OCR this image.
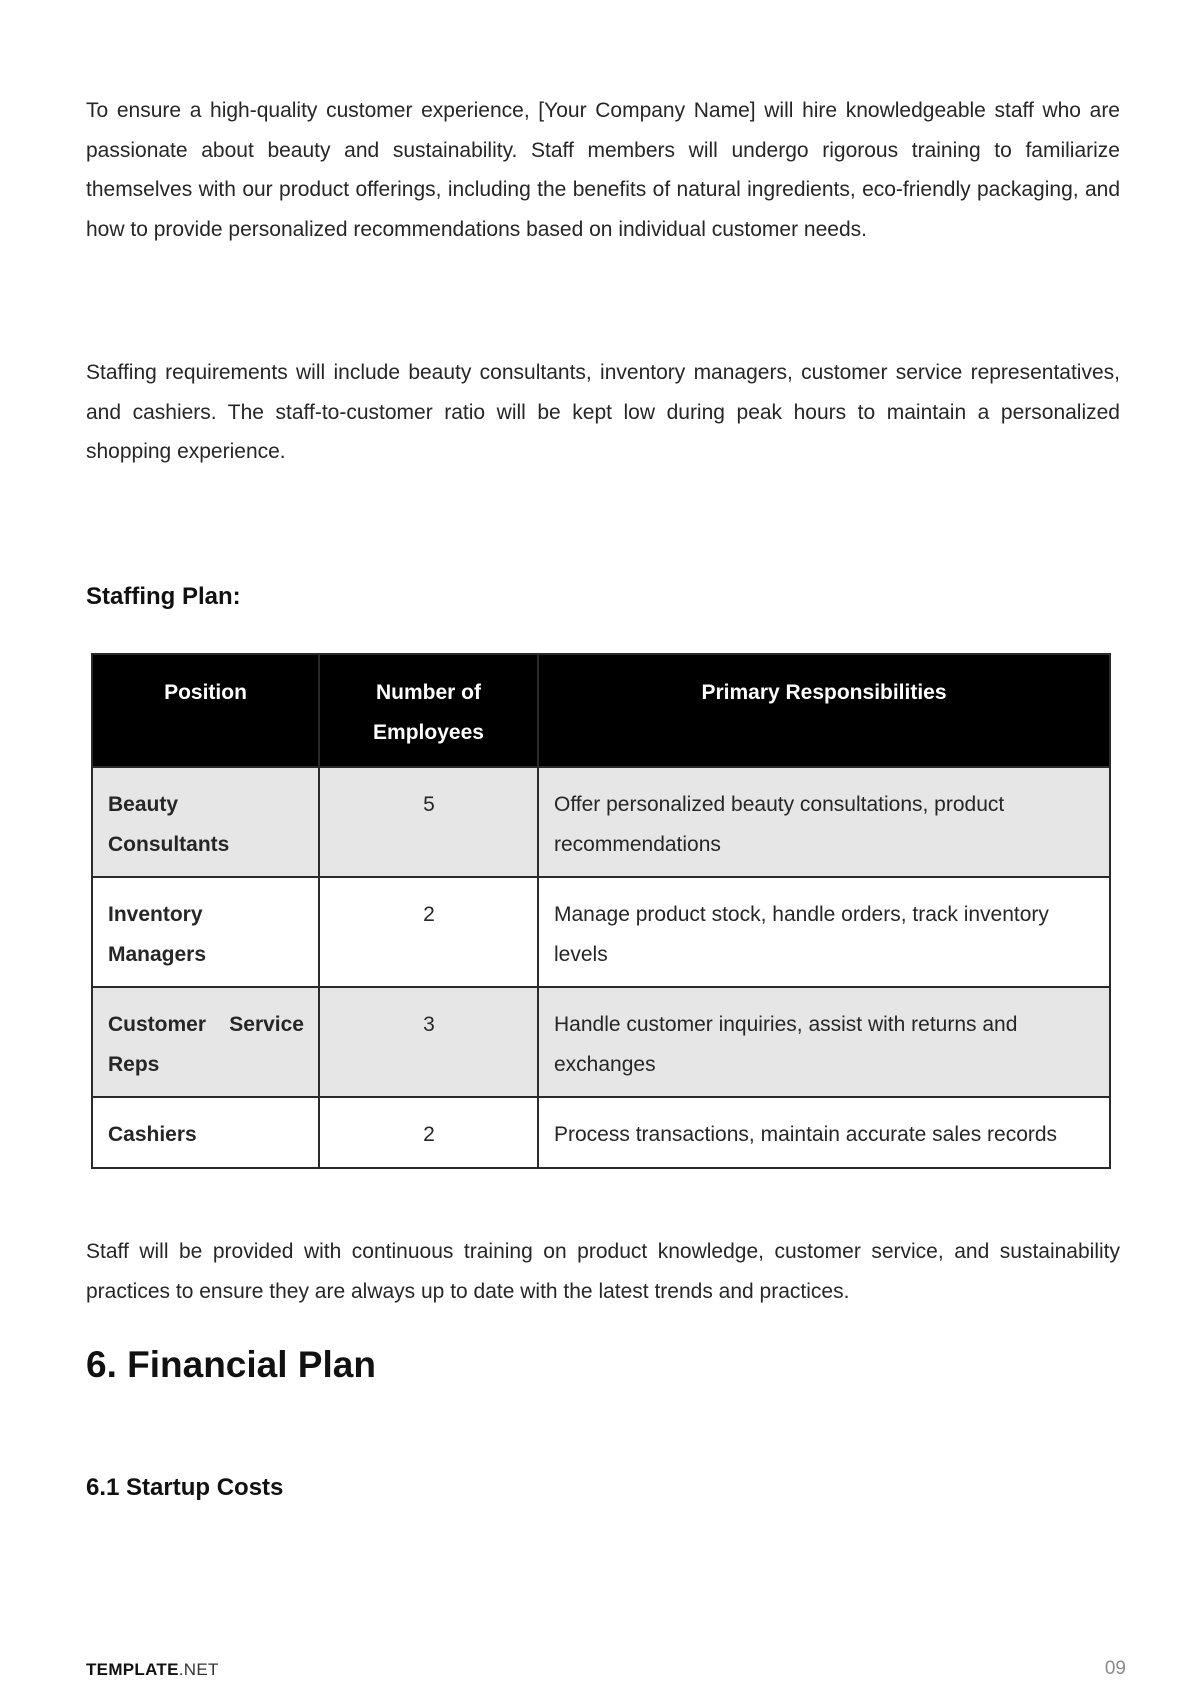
To ensure a high-quality customer experience, [Your Company Name] will hire knowledgeable staff who are passionate about beauty and sustainability. Staff members will undergo rigorous training to familiarize themselves with our product offerings, including the benefits of natural ingredients, eco-friendly packaging, and how to provide personalized recommendations based on individual customer needs.

Staffing requirements will include beauty consultants, inventory managers, customer service representatives, and cashiers. The staff-to-customer ratio will be kept low during peak hours to maintain a personalized shopping experience.

Staffing Plan:
Position	Number of Employees	Primary Responsibilities
Beauty Consultants	5	Offer personalized beauty consultations, product recommendations
Inventory Managers	2	Manage product stock, handle orders, track inventory levels
Customer Service Reps	3	Handle customer inquiries, assist with returns and exchanges
Cashiers	2	Process transactions, maintain accurate sales records

Staff will be provided with continuous training on product knowledge, customer service, and sustainability practices to ensure they are always up to date with the latest trends and practices.

6. Financial Plan
6.1 Startup Costs
TEMPLATE.NET	09
